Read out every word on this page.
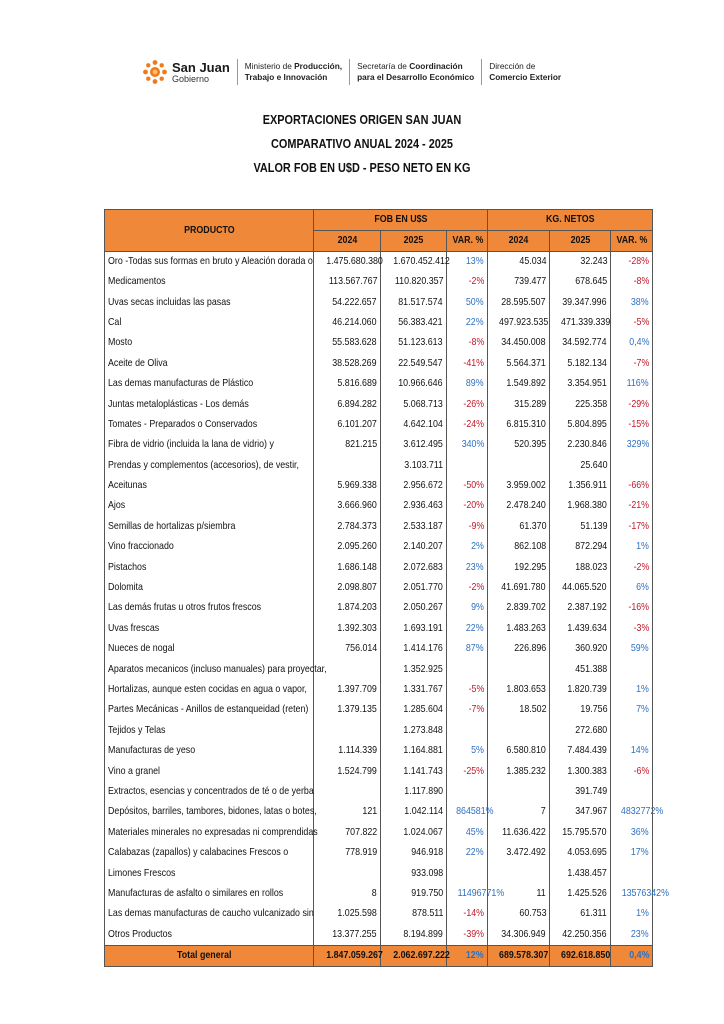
San Juan
Gobierno
Ministerio de Producción,
Trabajo e Innovación
Secretaría de Coordinación
para el Desarrollo Económico
Dirección de
Comercio Exterior
EXPORTACIONES ORIGEN SAN JUAN
COMPARATIVO ANUAL 2024 - 2025
VALOR FOB EN U$D - PESO NETO EN KG
PRODUCTO	FOB EN U$S			KG. NETOS		
	2024	2025	VAR. %	2024	2025	VAR. %
Oro -Todas sus formas en bruto y Aleación dorada o	1.475.680.380	1.670.452.412	13%	45.034	32.243	-28%
Medicamentos	113.567.767	110.820.357	-2%	739.477	678.645	-8%
Uvas secas incluidas las pasas	54.222.657	81.517.574	50%	28.595.507	39.347.996	38%
Cal	46.214.060	56.383.421	22%	497.923.535	471.339.339	-5%
Mosto	55.583.628	51.123.613	-8%	34.450.008	34.592.774	0,4%
Aceite de Oliva	38.528.269	22.549.547	-41%	5.564.371	5.182.134	-7%
Las demas manufacturas de Plástico	5.816.689	10.966.646	89%	1.549.892	3.354.951	116%
Juntas metaloplásticas - Los demás	6.894.282	5.068.713	-26%	315.289	225.358	-29%
Tomates - Preparados o Conservados	6.101.207	4.642.104	-24%	6.815.310	5.804.895	-15%
Fibra de vidrio (incluida la lana de vidrio) y	821.215	3.612.495	340%	520.395	2.230.846	329%
Prendas y complementos (accesorios), de vestir,		3.103.711			25.640	
Aceitunas	5.969.338	2.956.672	-50%	3.959.002	1.356.911	-66%
Ajos	3.666.960	2.936.463	-20%	2.478.240	1.968.380	-21%
Semillas de hortalizas p/siembra	2.784.373	2.533.187	-9%	61.370	51.139	-17%
Vino fraccionado	2.095.260	2.140.207	2%	862.108	872.294	1%
Pistachos	1.686.148	2.072.683	23%	192.295	188.023	-2%
Dolomita	2.098.807	2.051.770	-2%	41.691.780	44.065.520	6%
Las demás frutas u otros frutos frescos	1.874.203	2.050.267	9%	2.839.702	2.387.192	-16%
Uvas frescas	1.392.303	1.693.191	22%	1.483.263	1.439.634	-3%
Nueces de nogal	756.014	1.414.176	87%	226.896	360.920	59%
Aparatos mecanicos (incluso manuales) para proyectar,		1.352.925			451.388	
Hortalizas, aunque esten cocidas en agua o vapor,	1.397.709	1.331.767	-5%	1.803.653	1.820.739	1%
Partes Mecánicas - Anillos de estanqueidad (reten)	1.379.135	1.285.604	-7%	18.502	19.756	7%
Tejidos y Telas		1.273.848			272.680	
Manufacturas de yeso	1.114.339	1.164.881	5%	6.580.810	7.484.439	14%
Vino a granel	1.524.799	1.141.743	-25%	1.385.232	1.300.383	-6%
Extractos, esencias y concentrados de té o de yerba		1.117.890			391.749	
Depósitos, barriles, tambores, bidones, latas o botes,	121	1.042.114	864581%	7	347.967	4832772%
Materiales minerales no expresadas ni comprendidas	707.822	1.024.067	45%	11.636.422	15.795.570	36%
Calabazas (zapallos) y calabacines Frescos o	778.919	946.918	22%	3.472.492	4.053.695	17%
Limones Frescos		933.098			1.438.457	
Manufacturas de asfalto o similares en rollos	8	919.750	11496771%	11	1.425.526	13576342%
Las demas manufacturas de caucho vulcanizado sin	1.025.598	878.511	-14%	60.753	61.311	1%
Otros Productos	13.377.255	8.194.899	-39%	34.306.949	42.250.356	23%
Total general	1.847.059.267	2.062.697.222	12%	689.578.307	692.618.850	0,4%
